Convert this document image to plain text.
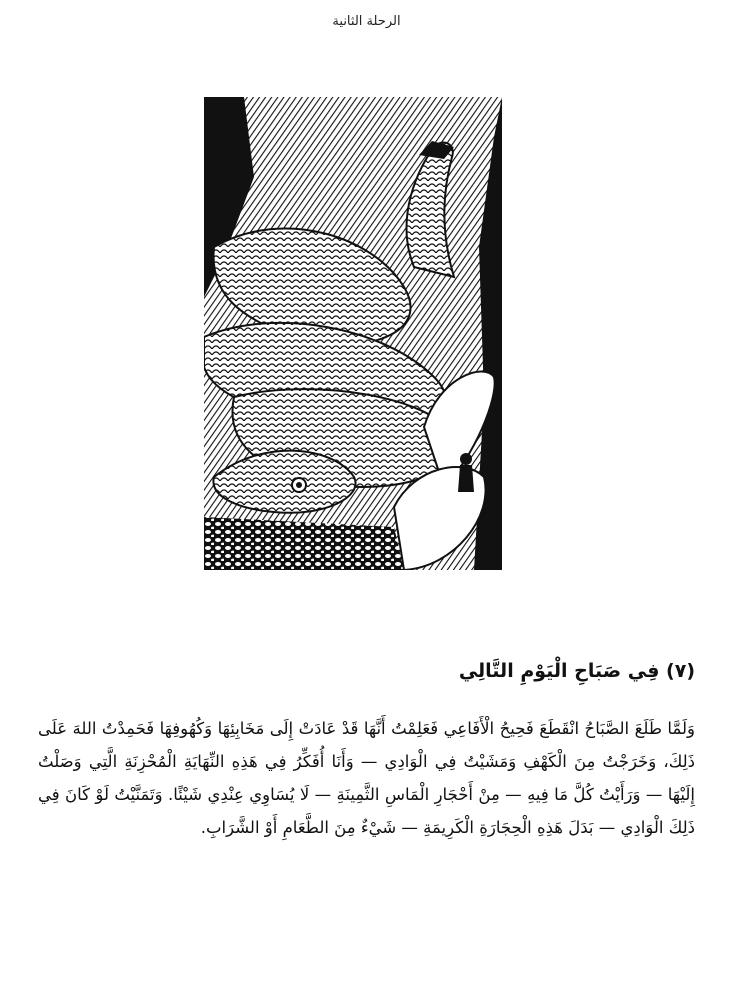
الرحلة الثانية
(٧) فِي صَبَاحِ الْيَوْمِ التَّالِي
وَلَمَّا طَلَعَ الصَّبَاحُ انْقَطَعَ فَحِيحُ الْأَفَاعِي فَعَلِمْتُ أَنَّهَا قَدْ عَادَتْ إِلَى مَخَابِئِهَا وَكُهُوفِهَا فَحَمِدْتُ اللهَ عَلَى ذَلِكَ، وَخَرَجْتُ مِنَ الْكَهْفِ وَمَشَيْتُ فِي الْوَادِي — وَأَنَا أُفَكِّرُ فِي هَذِهِ النِّهَايَةِ الْمُحْزِنَةِ الَّتِي وَصَلْتُ إِلَيْهَا — وَرَأَيْتُ كُلَّ مَا فِيهِ — مِنْ أَحْجَارِ الْمَاسِ الثَّمِينَةِ — لَا يُسَاوِي عِنْدِي شَيْئًا. وَتَمَنَّيْتُ لَوْ كَانَ فِي ذَلِكَ الْوَادِي — بَدَلَ هَذِهِ الْحِجَارَةِ الْكَرِيمَةِ — شَيْءٌ مِنَ الطَّعَامِ أَوْ الشَّرَابِ.
